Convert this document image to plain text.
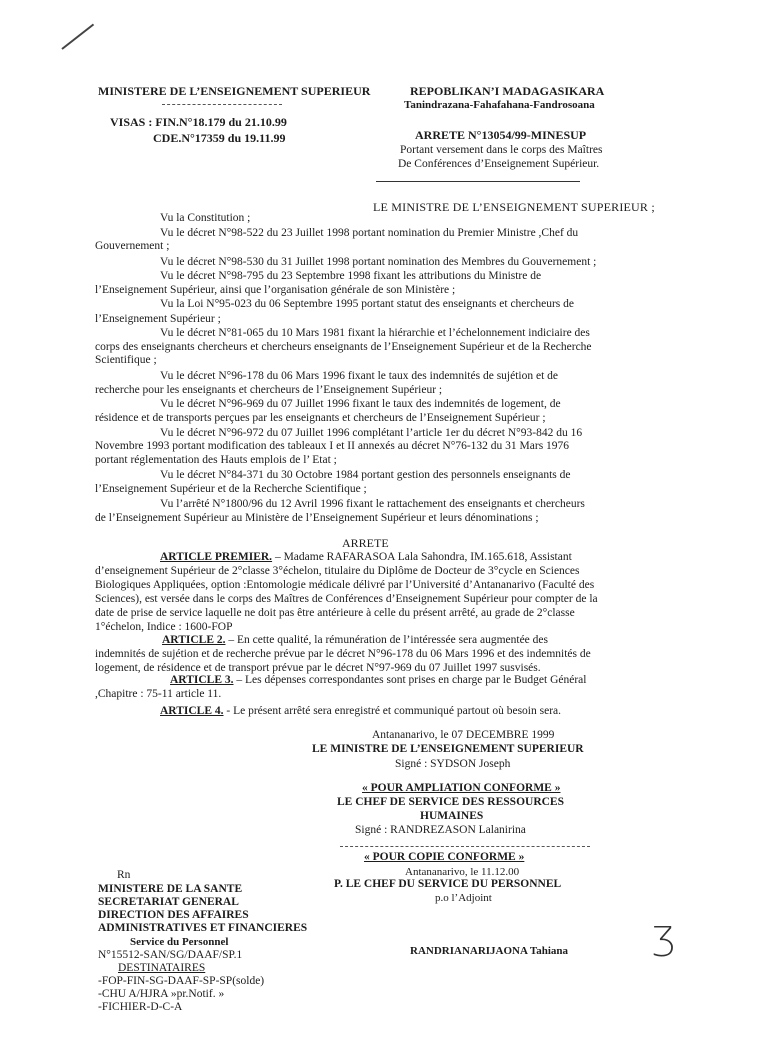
MINISTERE DE L’ENSEIGNEMENT SUPERIEUR
VISAS : FIN.N°18.179 du 21.10.99
CDE.N°17359 du 19.11.99
REPOBLIKAN’I MADAGASIKARA
Tanindrazana-Fahafahana-Fandrosoana
ARRETE N°13054/99-MINESUP
Portant versement dans le corps des Maîtres
De Conférences d’Enseignement Supérieur.
LE MINISTRE DE L’ENSEIGNEMENT SUPERIEUR ;
Vu la Constitution ;
Vu le décret N°98-522 du 23 Juillet 1998 portant nomination du Premier Ministre ,Chef du
Gouvernement ;
Vu le décret N°98-530 du 31 Juillet 1998 portant nomination des Membres du Gouvernement ;
Vu le décret N°98-795 du 23 Septembre 1998 fixant les attributions du Ministre de
l’Enseignement Supérieur, ainsi que l’organisation générale de son Ministère ;
Vu la Loi N°95-023 du 06 Septembre 1995 portant statut des enseignants et chercheurs de
l’Enseignement Supérieur ;
Vu le décret N°81-065 du 10 Mars 1981 fixant la hiérarchie et l’échelonnement indiciaire des
corps des enseignants chercheurs et chercheurs enseignants de l’Enseignement Supérieur et de la Recherche
Scientifique ;
Vu le décret N°96-178 du 06 Mars 1996 fixant le taux des indemnités de sujétion et de
recherche pour les enseignants et chercheurs de l’Enseignement Supérieur ;
Vu le décret N°96-969 du 07 Juillet 1996 fixant le taux des indemnités de logement, de
résidence et de transports perçues par les enseignants et chercheurs de l’Enseignement Supérieur ;
Vu le décret N°96-972 du 07 Juillet 1996 complétant l’article 1er du décret N°93-842 du 16
Novembre 1993 portant modification des tableaux I et II annexés au décret N°76-132 du 31 Mars 1976
portant réglementation des Hauts emplois de l’ Etat ;
Vu le décret N°84-371 du 30 Octobre 1984 portant gestion des personnels enseignants de
l’Enseignement Supérieur et de la Recherche Scientifique ;
Vu l’arrêté N°1800/96 du 12 Avril 1996 fixant le rattachement des enseignants et chercheurs
de l’Enseignement Supérieur au Ministère de l’Enseignement Supérieur et leurs dénominations ;
ARRETE
ARTICLE PREMIER. – Madame RAFARASOA Lala Sahondra, IM.165.618, Assistant
d’enseignement Supérieur de 2°classe 3°échelon, titulaire du Diplôme de Docteur de 3°cycle en Sciences
Biologiques Appliquées, option :Entomologie médicale délivré par l’Université d’Antananarivo (Faculté des
Sciences), est versée dans le corps des Maîtres de Conférences d’Enseignement Supérieur pour compter de la
date de prise de service laquelle ne doit pas être antérieure à celle du présent arrêté, au grade de 2°classe
1°échelon, Indice : 1600-FOP
ARTICLE 2. – En cette qualité, la rémunération de l’intéressée sera augmentée des
indemnités de sujétion et de recherche prévue par le décret N°96-178 du 06 Mars 1996 et des indemnités de
logement, de résidence et de transport prévue par le décret N°97-969 du 07 Juillet 1997 susvisés.
ARTICLE 3. – Les dépenses correspondantes sont prises en charge par le Budget Général
,Chapitre : 75-11 article 11.
ARTICLE 4. - Le présent arrêté sera enregistré et communiqué partout où besoin sera.
Antananarivo, le 07 DECEMBRE 1999
LE MINISTRE DE L’ENSEIGNEMENT SUPERIEUR
Signé : SYDSON Joseph
« POUR AMPLIATION CONFORME »
LE CHEF DE SERVICE DES RESSOURCES
HUMAINES
Signé : RANDREZASON Lalanirina
« POUR COPIE CONFORME »
Antananarivo, le 11.12.00
P. LE CHEF DU SERVICE DU PERSONNEL
p.o l’Adjoint
RANDRIANARIJAONA Tahiana
Rn
MINISTERE DE LA SANTE
SECRETARIAT GENERAL
DIRECTION DES AFFAIRES
ADMINISTRATIVES ET FINANCIERES
Service du Personnel
N°15512-SAN/SG/DAAF/SP.1
DESTINATAIRES
-FOP-FIN-SG-DAAF-SP-SP(solde)
-CHU A/HJRA »pr.Notif. »
-FICHIER-D-C-A
ʒ
